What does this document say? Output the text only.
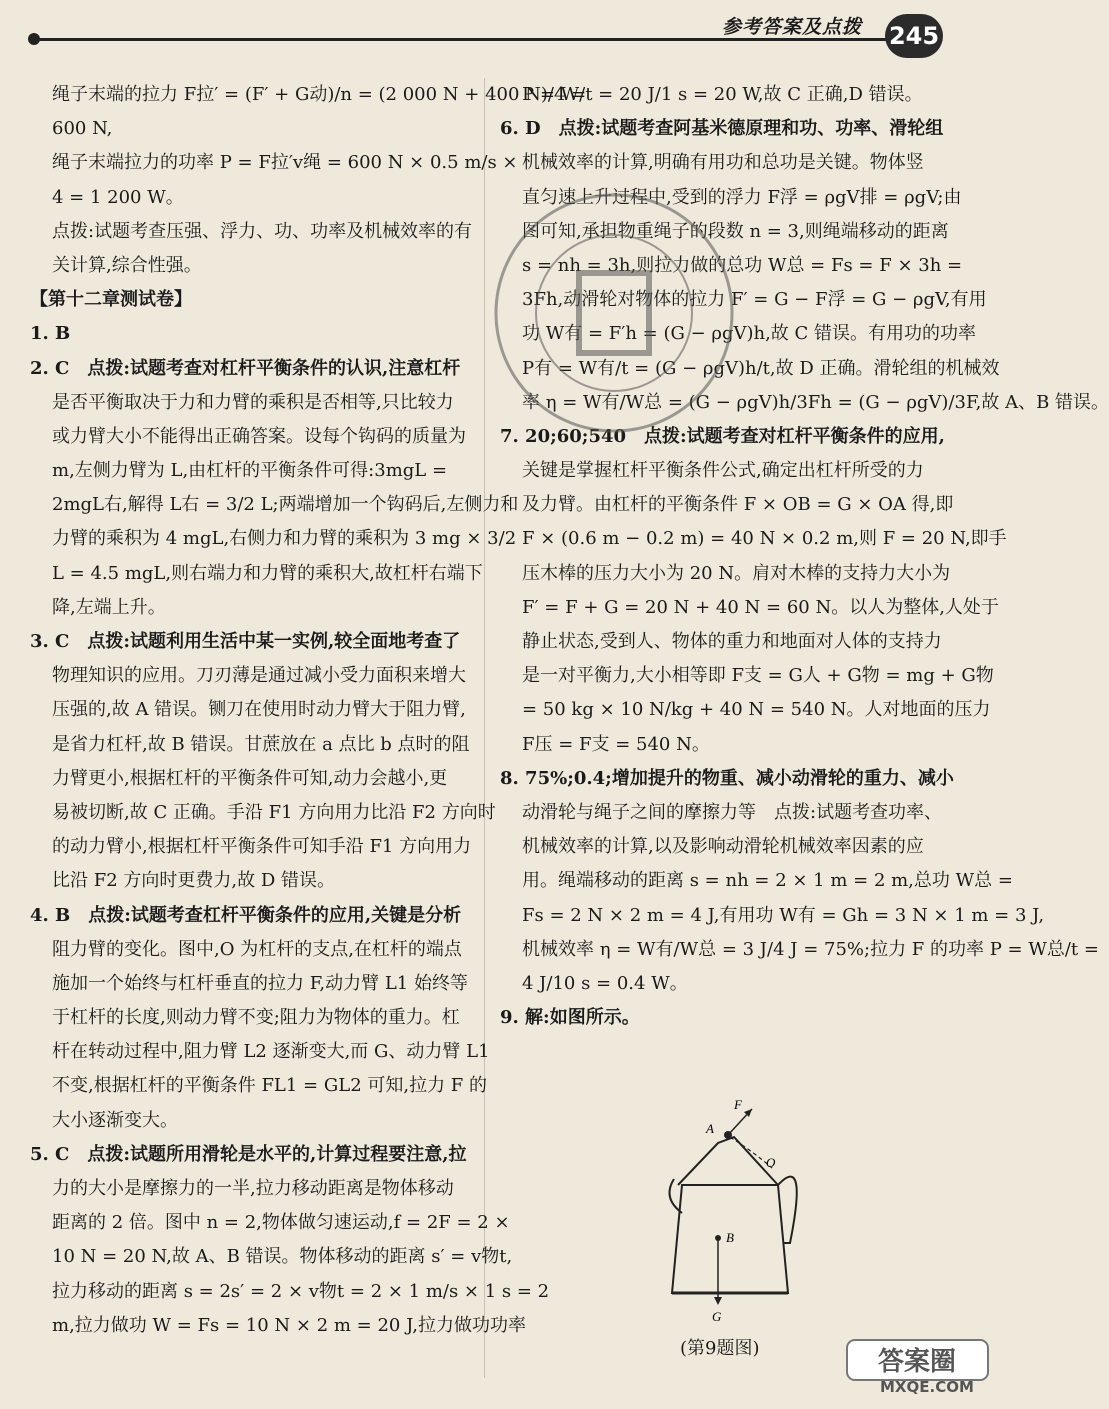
参考答案及点拨 245
绳子末端的拉力 F拉′ = (F′ + G动)/n = (2 000 N + 400 N)/4 =
600 N,
绳子末端拉力的功率 P = F拉′v绳 = 600 N × 0.5 m/s ×
4 = 1 200 W。
点拨:试题考查压强、浮力、功、功率及机械效率的有
关计算,综合性强。
【第十二章测试卷】
1. B
2. C　点拨:试题考查对杠杆平衡条件的认识,注意杠杆
是否平衡取决于力和力臂的乘积是否相等,只比较力
或力臂大小不能得出正确答案。设每个钩码的质量为
m,左侧力臂为 L,由杠杆的平衡条件可得:3mgL =
2mgL右,解得 L右 = 3/2 L;两端增加一个钩码后,左侧力和
力臂的乘积为 4 mgL,右侧力和力臂的乘积为 3 mg × 3/2
L = 4.5 mgL,则右端力和力臂的乘积大,故杠杆右端下
降,左端上升。
3. C　点拨:试题利用生活中某一实例,较全面地考查了
物理知识的应用。刀刃薄是通过减小受力面积来增大
压强的,故 A 错误。铡刀在使用时动力臂大于阻力臂,
是省力杠杆,故 B 错误。甘蔗放在 a 点比 b 点时的阻
力臂更小,根据杠杆的平衡条件可知,动力会越小,更
易被切断,故 C 正确。手沿 F1 方向用力比沿 F2 方向时
的动力臂小,根据杠杆平衡条件可知手沿 F1 方向用力
比沿 F2 方向时更费力,故 D 错误。
4. B　点拨:试题考查杠杆平衡条件的应用,关键是分析
阻力臂的变化。图中,O 为杠杆的支点,在杠杆的端点
施加一个始终与杠杆垂直的拉力 F,动力臂 L1 始终等
于杠杆的长度,则动力臂不变;阻力为物体的重力。杠
杆在转动过程中,阻力臂 L2 逐渐变大,而 G、动力臂 L1
不变,根据杠杆的平衡条件 FL1 = GL2 可知,拉力 F 的
大小逐渐变大。
5. C　点拨:试题所用滑轮是水平的,计算过程要注意,拉
力的大小是摩擦力的一半,拉力移动距离是物体移动
距离的 2 倍。图中 n = 2,物体做匀速运动,f = 2F = 2 ×
10 N = 20 N,故 A、B 错误。物体移动的距离 s′ = v物t,
拉力移动的距离 s = 2s′ = 2 × v物t = 2 × 1 m/s × 1 s = 2
m,拉力做功 W = Fs = 10 N × 2 m = 20 J,拉力做功功率
P = W/t = 20 J/1 s = 20 W,故 C 正确,D 错误。
6. D　点拨:试题考查阿基米德原理和功、功率、滑轮组
机械效率的计算,明确有用功和总功是关键。物体竖
直匀速上升过程中,受到的浮力 F浮 = ρgV排 = ρgV;由
图可知,承担物重绳子的段数 n = 3,则绳端移动的距离
s = nh = 3h,则拉力做的总功 W总 = Fs = F × 3h =
3Fh,动滑轮对物体的拉力 F′ = G − F浮 = G − ρgV,有用
功 W有 = F′h = (G − ρgV)h,故 C 错误。有用功的功率
P有 = W有/t = (G − ρgV)h/t,故 D 正确。滑轮组的机械效
率 η = W有/W总 = (G − ρgV)h/3Fh = (G − ρgV)/3F,故 A、B 错误。
7. 20;60;540　点拨:试题考查对杠杆平衡条件的应用,
关键是掌握杠杆平衡条件公式,确定出杠杆所受的力
及力臂。由杠杆的平衡条件 F × OB = G × OA 得,即
F × (0.6 m − 0.2 m) = 40 N × 0.2 m,则 F = 20 N,即手
压木棒的压力大小为 20 N。肩对木棒的支持力大小为
F′ = F + G = 20 N + 40 N = 60 N。以人为整体,人处于
静止状态,受到人、物体的重力和地面对人体的支持力
是一对平衡力,大小相等即 F支 = G人 + G物 = mg + G物
= 50 kg × 10 N/kg + 40 N = 540 N。人对地面的压力
F压 = F支 = 540 N。
8. 75%;0.4;增加提升的物重、减小动滑轮的重力、减小
动滑轮与绳子之间的摩擦力等　点拨:试题考查功率、
机械效率的计算,以及影响动滑轮机械效率因素的应
用。绳端移动的距离 s = nh = 2 × 1 m = 2 m,总功 W总 =
Fs = 2 N × 2 m = 4 J,有用功 W有 = Gh = 3 N × 1 m = 3 J,
机械效率 η = W有/W总 = 3 J/4 J = 75%;拉力 F 的功率 P = W总/t =
4 J/10 s = 0.4 W。
9. 解:如图所示。
F
A
O
B
G
(第9题图)	答案圈
MXQE.COM
